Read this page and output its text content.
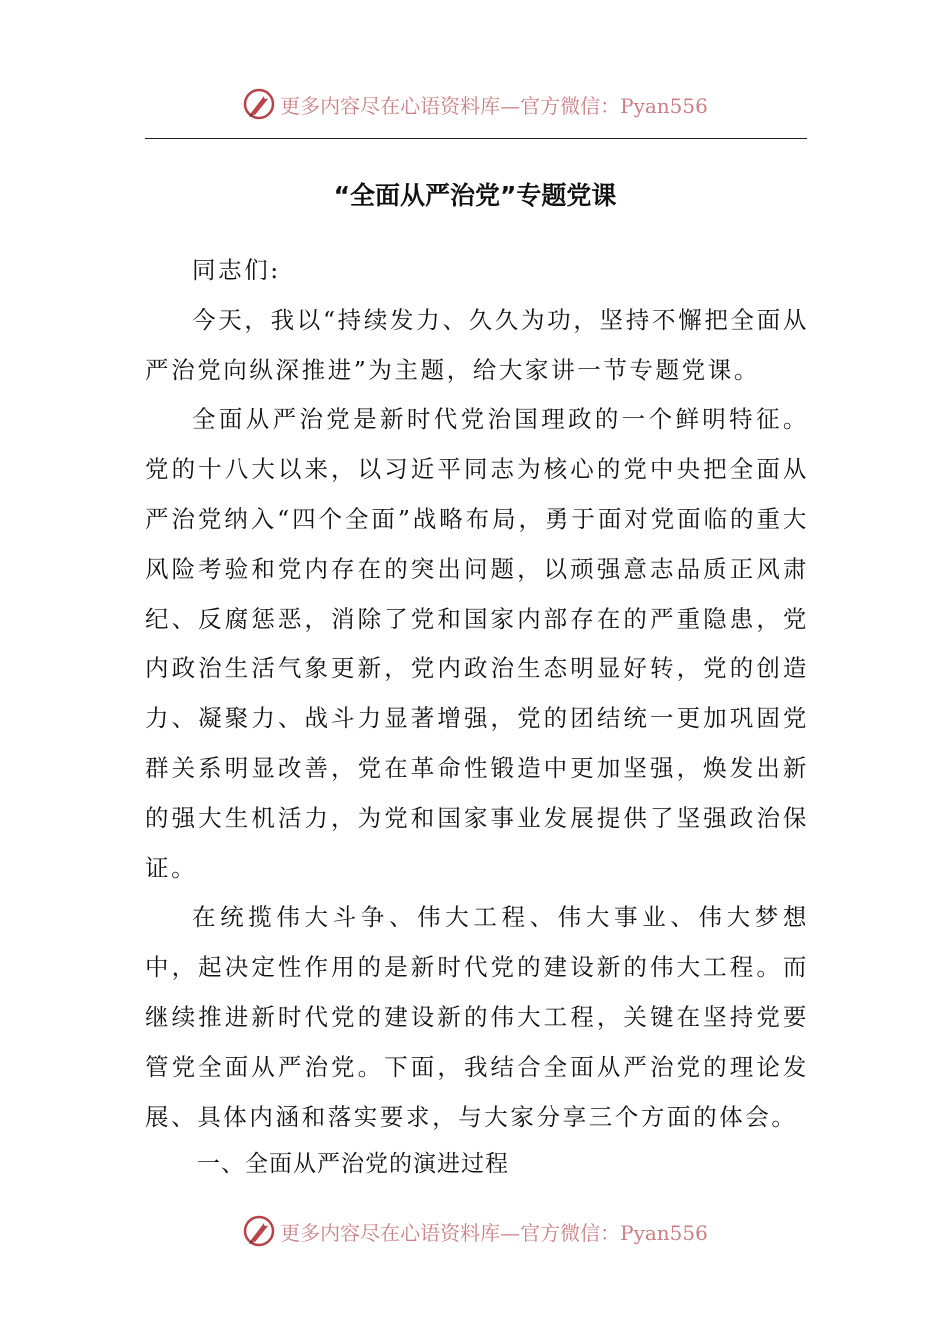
更多内容尽在心语资料库—官方微信：Pyan556
“全面从严治党”专题党课

同志们:

今天，我以“持续发力、久久为功，坚持不懈把全面从严治党向纵深推进”为主题，给大家讲一节专题党课。

全面从严治党是新时代党治国理政的一个鲜明特征。党的十八大以来，以习近平同志为核心的党中央把全面从严治党纳入“四个全面”战略布局，勇于面对党面临的重大风险考验和党内存在的突出问题，以顽强意志品质正风肃纪、反腐惩恶，消除了党和国家内部存在的严重隐患，党内政治生活气象更新，党内政治生态明显好转，党的创造力、凝聚力、战斗力显著增强，党的团结统一更加巩固党群关系明显改善，党在革命性锻造中更加坚强，焕发出新的强大生机活力，为党和国家事业发展提供了坚强政治保证。

在统揽伟大斗争、伟大工程、伟大事业、伟大梦想中，起决定性作用的是新时代党的建设新的伟大工程。而继续推进新时代党的建设新的伟大工程，关键在坚持党要管党全面从严治党。下面，我结合全面从严治党的理论发展、具体内涵和落实要求，与大家分享三个方面的体会。

一、全面从严治党的演进过程
更多内容尽在心语资料库—官方微信：Pyan556
